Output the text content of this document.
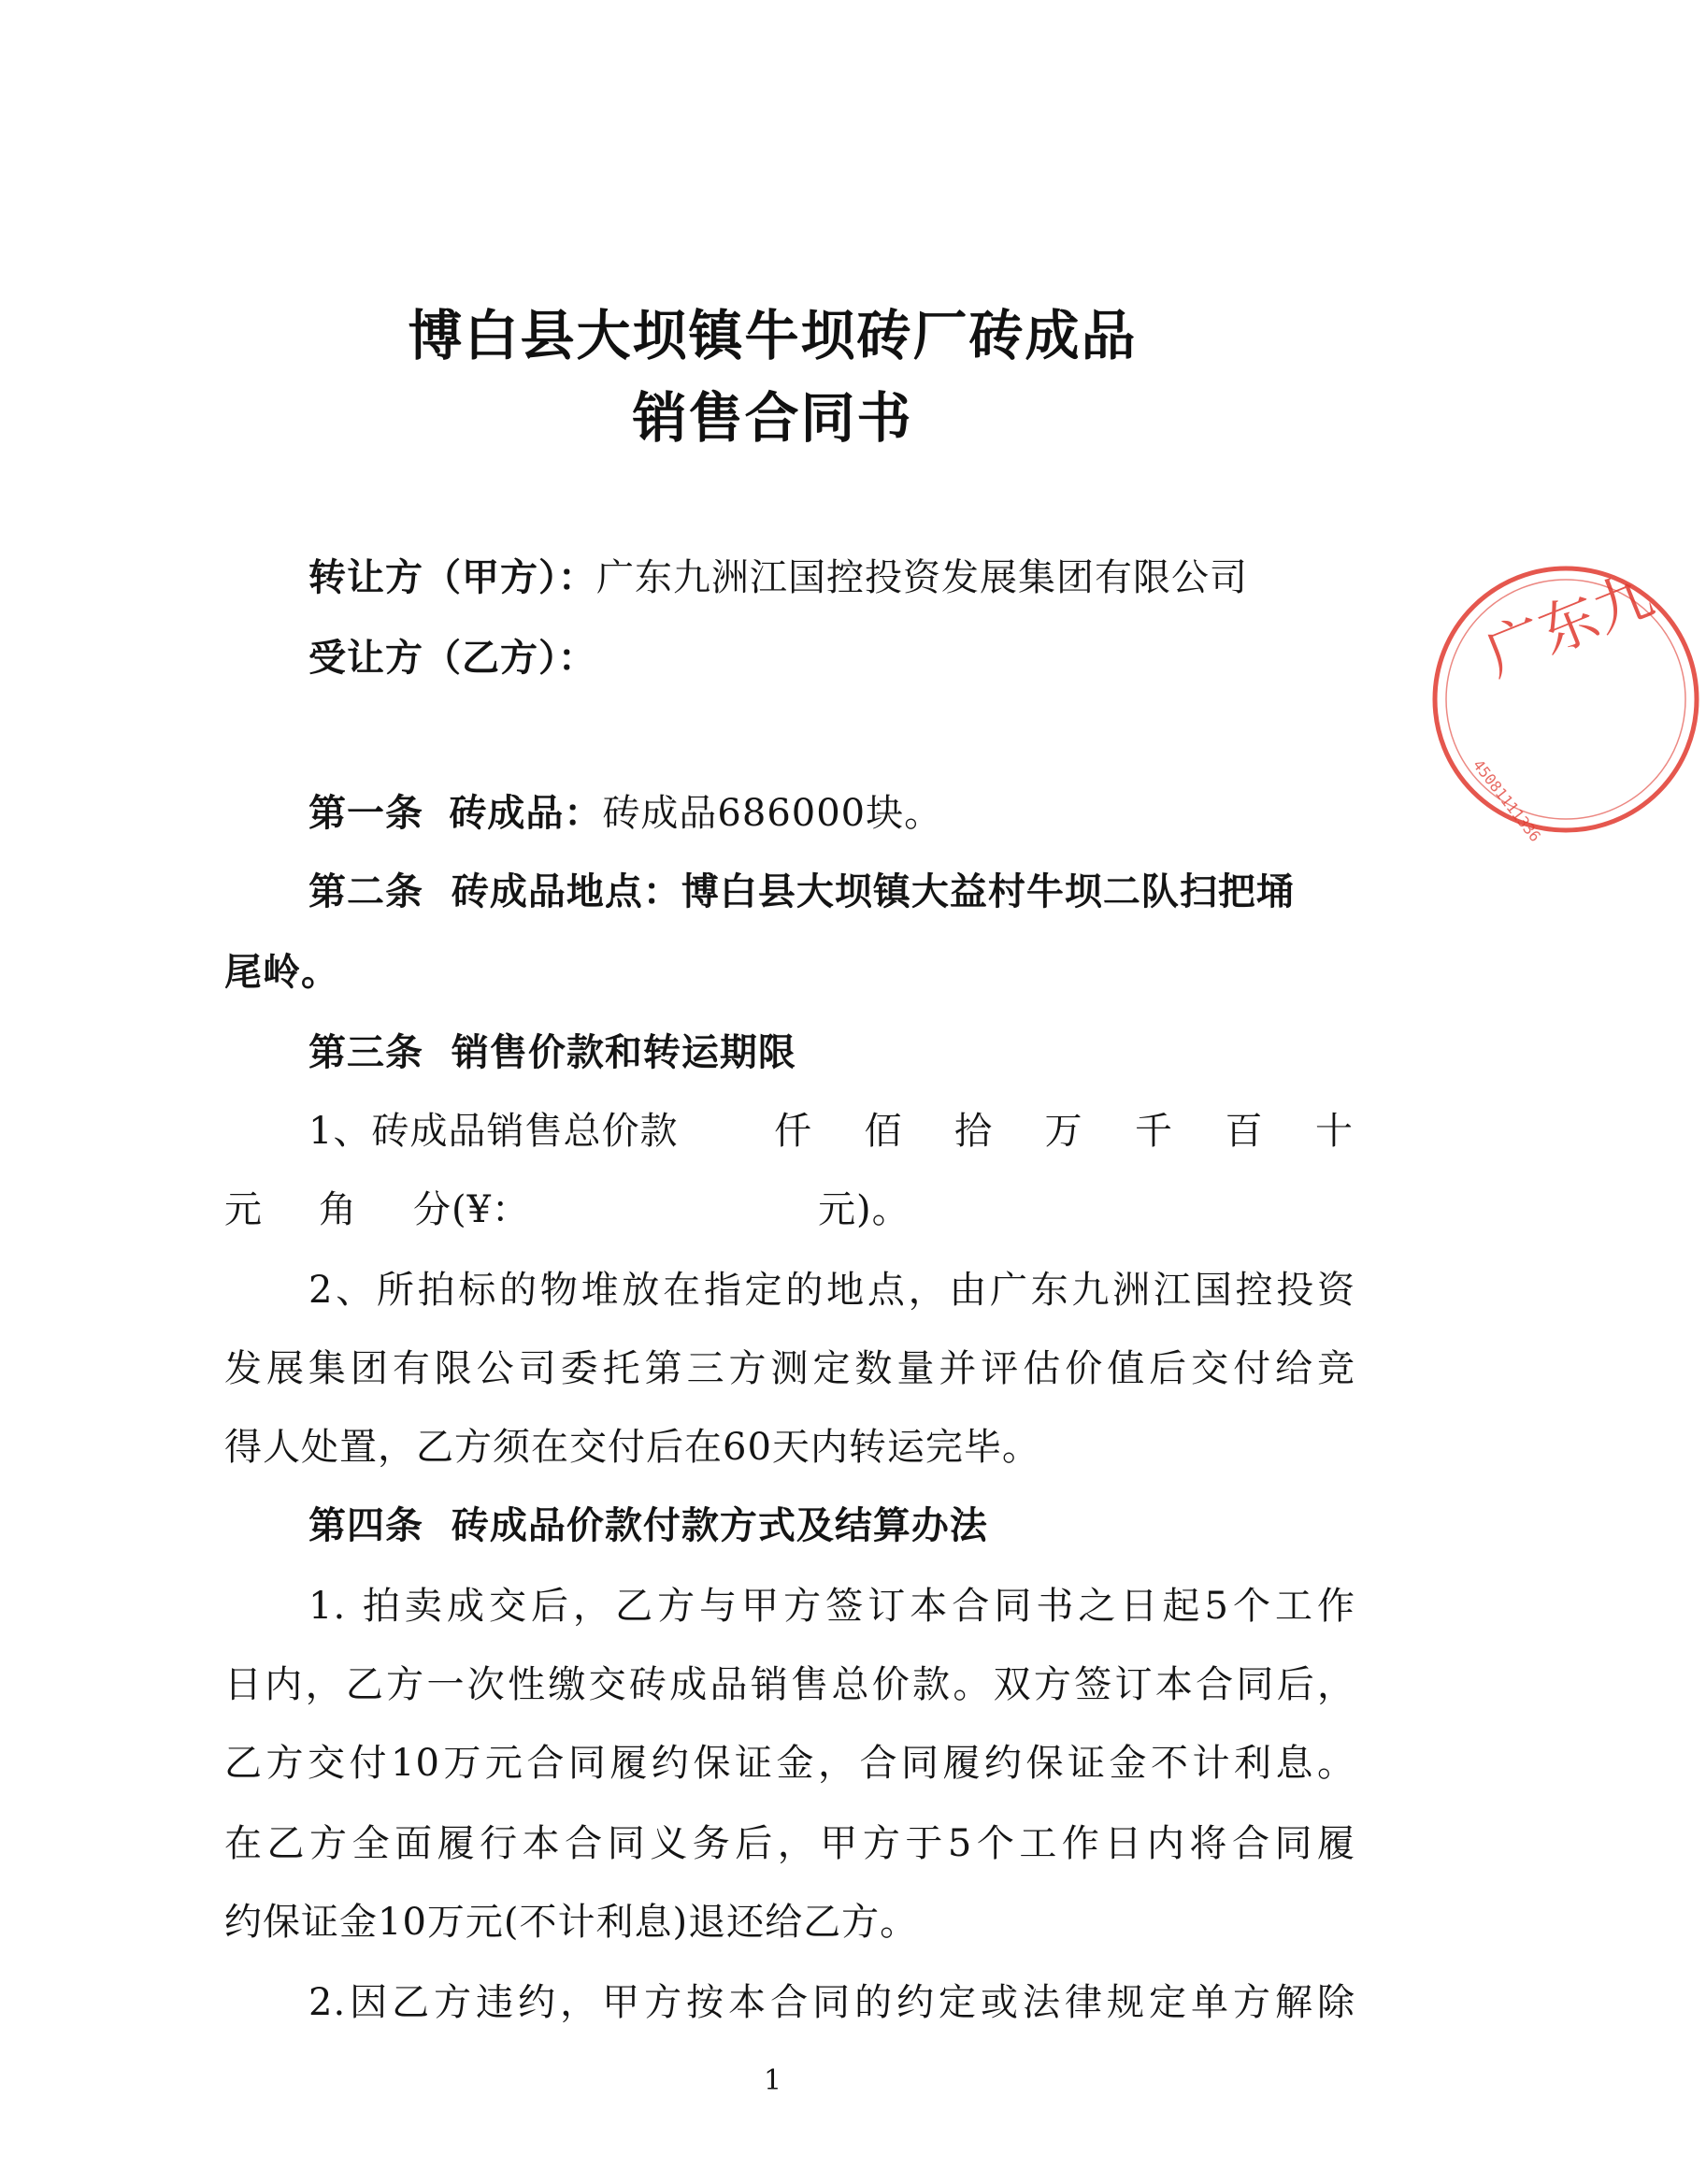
博白县大坝镇牛坝砖厂砖成品
销售合同书
转让方（甲方）：广东九洲江国控投资发展集团有限公司
受让方（乙方）：
第一条 砖成品：砖成品686000块。
第二条 砖成品地点：博白县大坝镇大益村牛坝二队扫把埇
尾岭。
第三条 销售价款和转运期限
1、砖成品销售总价款	仟 佰 拾 万 千 百 十
元 角 分(¥：	元)。
2、所拍标的物堆放在指定的地点，由广东九洲江国控投资
发展集团有限公司委托第三方测定数量并评估价值后交付给竞
得人处置，乙方须在交付后在60天内转运完毕。
第四条 砖成品价款付款方式及结算办法
1. 拍卖成交后，乙方与甲方签订本合同书之日起5个工作
日内，乙方一次性缴交砖成品销售总价款。双方签订本合同后，
乙方交付10万元合同履约保证金，合同履约保证金不计利息。
在乙方全面履行本合同义务后，甲方于5个工作日内将合同履
约保证金10万元(不计利息)退还给乙方。
2.因乙方违约，甲方按本合同的约定或法律规定单方解除
1
广东九
45081111336
